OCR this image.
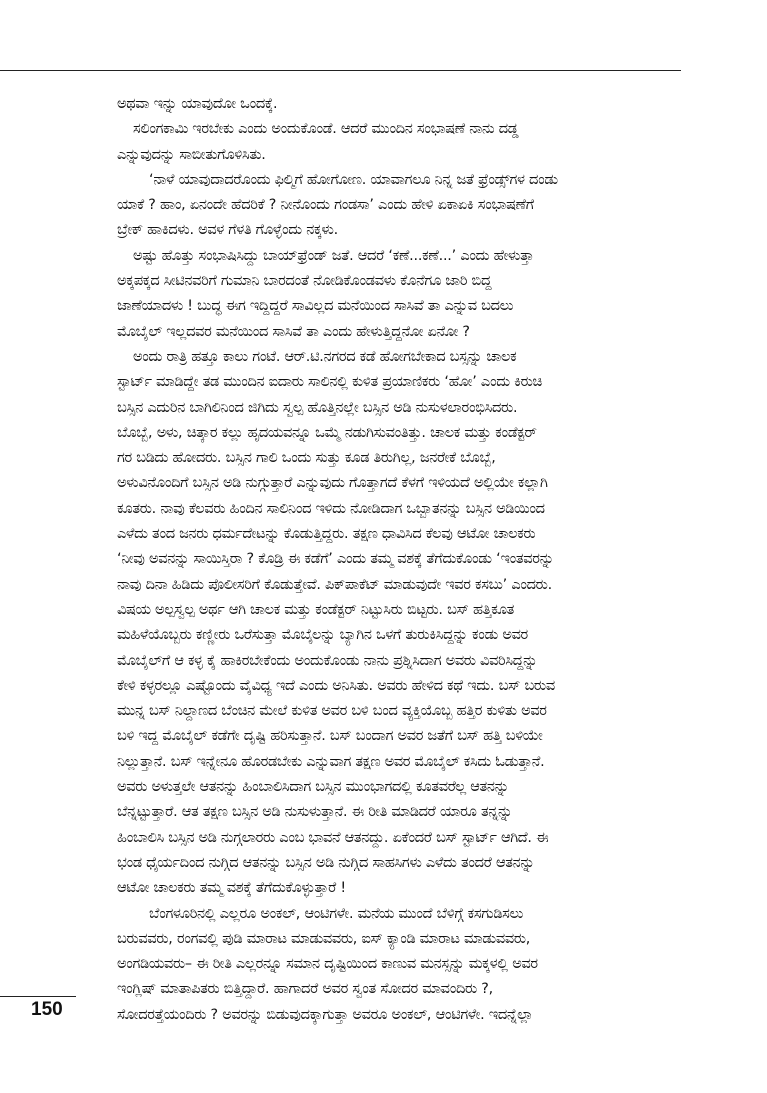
ಅಥವಾ ಇನ್ನು ಯಾವುದೋ ಒಂದಕ್ಕೆ.
ಸಲಿಂಗಕಾಮಿ ಇರಬೇಕು ಎಂದು ಅಂದುಕೊಂಡೆ. ಆದರೆ ಮುಂದಿನ ಸಂಭಾಷಣೆ ನಾನು ದಡ್ಡ
ಎನ್ನುವುದನ್ನು ಸಾಬೀತುಗೊಳಿಸಿತು.
‘ನಾಳೆ ಯಾವುದಾದರೊಂದು ಫಿಲ್ಮಿಗೆ ಹೋಗೋಣ. ಯಾವಾಗಲೂ ನಿನ್ನ ಜತೆ ಫ್ರೆಂಡ್ಸ್‌ಗಳ ದಂಡು
ಯಾಕೆ ? ಹಾಂ, ಏನಂದೇ ಹೆದರಿಕೆ ? ನೀನೊಂದು ಗಂಡಸಾ’ ಎಂದು ಹೇಳಿ ಏಕಾಏಕಿ ಸಂಭಾಷಣೆಗೆ
ಬ್ರೇಕ್ ಹಾಕಿದಳು. ಅವಳ ಗೆಳತಿ ಗೊಳ್ಳೆಂದು ನಕ್ಕಳು.
ಅಷ್ಟು ಹೊತ್ತು ಸಂಭಾಷಿಸಿದ್ದು ಬಾಯ್‌ಫ್ರೆಂಡ್ ಜತೆ. ಆದರೆ ‘ಕಣೆ...ಕಣೆ...’ ಎಂದು ಹೇಳುತ್ತಾ
ಅಕ್ಕಪಕ್ಕದ ಸೀಟಿನವರಿಗೆ ಗುಮಾನಿ ಬಾರದಂತೆ ನೋಡಿಕೊಂಡವಳು ಕೊನೆಗೂ ಜಾರಿ ಬಿದ್ದ
ಜಾಣೆಯಾದಳು ! ಬುದ್ಧ ಈಗ ಇದ್ದಿದ್ದರೆ ಸಾವಿಲ್ಲದ ಮನೆಯಿಂದ ಸಾಸಿವೆ ತಾ ಎನ್ನುವ ಬದಲು
ಮೊಬೈಲ್ ಇಲ್ಲದವರ ಮನೆಯಿಂದ ಸಾಸಿವೆ ತಾ ಎಂದು ಹೇಳುತ್ತಿದ್ದನೋ ಏನೋ ?
ಅಂದು ರಾತ್ರಿ ಹತ್ತೂ ಕಾಲು ಗಂಟೆ. ಆರ್.ಟಿ.ನಗರದ ಕಡೆ ಹೋಗಬೇಕಾದ ಬಸ್ಸನ್ನು ಚಾಲಕ
ಸ್ಟಾರ್ಟ್ ಮಾಡಿದ್ದೇ ತಡ ಮುಂದಿನ ಐದಾರು ಸಾಲಿನಲ್ಲಿ ಕುಳಿತ ಪ್ರಯಾಣಿಕರು ‘ಹೋ’ ಎಂದು ಕಿರುಚಿ
ಬಸ್ಸಿನ ಎದುರಿನ ಬಾಗಿಲಿನಿಂದ ಜಿಗಿದು ಸ್ವಲ್ಪ ಹೊತ್ತಿನಲ್ಲೇ ಬಸ್ಸಿನ ಅಡಿ ನುಸುಳಲಾರಂಭಿಸಿದರು.
ಬೊಬ್ಬೆ, ಅಳು, ಚಿತ್ಕಾರ ಕಲ್ಲು ಹೃದಯವನ್ನೂ ಒಮ್ಮೆ ನಡುಗಿಸುವಂತಿತ್ತು. ಚಾಲಕ ಮತ್ತು ಕಂಡೆಕ್ಟರ್
ಗರ ಬಡಿದು ಹೋದರು. ಬಸ್ಸಿನ ಗಾಲಿ ಒಂದು ಸುತ್ತು ಕೂಡ ತಿರುಗಿಲ್ಲ, ಜನರೇಕೆ ಬೊಬ್ಬೆ,
ಅಳುವಿನೊಂದಿಗೆ ಬಸ್ಸಿನ ಅಡಿ ನುಗ್ಗುತ್ತಾರೆ ಎನ್ನುವುದು ಗೊತ್ತಾಗದೆ ಕೆಳಗೆ ಇಳಿಯದೆ ಅಲ್ಲಿಯೇ ಕಲ್ಲಾಗಿ
ಕೂತರು. ನಾವು ಕೆಲವರು ಹಿಂದಿನ ಸಾಲಿನಿಂದ ಇಳಿದು ನೋಡಿದಾಗ ಒಬ್ಬಾತನನ್ನು ಬಸ್ಸಿನ ಅಡಿಯಿಂದ
ಎಳೆದು ತಂದ ಜನರು ಧರ್ಮದೇಟನ್ನು ಕೊಡುತ್ತಿದ್ದರು. ತಕ್ಷಣ ಧಾವಿಸಿದ ಕೆಲವು ಆಟೋ ಚಾಲಕರು
‘ನೀವು ಅವನನ್ನು ಸಾಯಿಸ್ತಿರಾ ? ಕೊಡ್ರಿ ಈ ಕಡೆಗೆ’ ಎಂದು ತಮ್ಮ ವಶಕ್ಕೆ ತೆಗೆದುಕೊಂಡು ‘ಇಂತವರನ್ನು
ನಾವು ದಿನಾ ಹಿಡಿದು ಪೊಲೀಸರಿಗೆ ಕೊಡುತ್ತೇವೆ. ಪಿಕ್‌ಪಾಕೆಟ್ ಮಾಡುವುದೇ ಇವರ ಕಸಬು’ ಎಂದರು.
ವಿಷಯ ಅಲ್ಪಸ್ವಲ್ಪ ಅರ್ಥ ಆಗಿ ಚಾಲಕ ಮತ್ತು ಕಂಡೆಕ್ಟರ್ ನಿಟ್ಟುಸಿರು ಬಿಟ್ಟರು. ಬಸ್ ಹತ್ತಿಕೂತ
ಮಹಿಳೆಯೊಬ್ಬರು ಕಣ್ಣೀರು ಒರೆಸುತ್ತಾ ಮೊಬೈಲನ್ನು ಬ್ಯಾಗಿನ ಒಳಗೆ ತುರುಕಿಸಿದ್ದನ್ನು ಕಂಡು ಅವರ
ಮೊಬೈಲ್‌ಗೆ ಆ ಕಳ್ಳ ಕೈ ಹಾಕಿರಬೇಕೆಂದು ಅಂದುಕೊಂಡು ನಾನು ಪ್ರಶ್ನಿಸಿದಾಗ ಅವರು ವಿವರಿಸಿದ್ದನ್ನು
ಕೇಳಿ ಕಳ್ಳರಲ್ಲೂ ಎಷ್ಟೊಂದು ವೈವಿಧ್ಯ ಇದೆ ಎಂದು ಅನಿಸಿತು. ಅವರು ಹೇಳಿದ ಕಥೆ ಇದು. ಬಸ್ ಬರುವ
ಮುನ್ನ ಬಸ್ ನಿಲ್ದಾಣದ ಬೆಂಚಿನ ಮೇಲೆ ಕುಳಿತ ಅವರ ಬಳಿ ಬಂದ ವ್ಯಕ್ತಿಯೊಬ್ಬ ಹತ್ತಿರ ಕುಳಿತು ಅವರ
ಬಳಿ ಇದ್ದ ಮೊಬೈಲ್ ಕಡೆಗೇ ದೃಷ್ಟಿ ಹರಿಸುತ್ತಾನೆ. ಬಸ್ ಬಂದಾಗ ಅವರ ಜತೆಗೆ ಬಸ್ ಹತ್ತಿ ಬಳಿಯೇ
ನಿಲ್ಲುತ್ತಾನೆ. ಬಸ್ ಇನ್ನೇನೂ ಹೊರಡಬೇಕು ಎನ್ನುವಾಗ ತಕ್ಷಣ ಅವರ ಮೊಬೈಲ್ ಕಸಿದು ಓಡುತ್ತಾನೆ.
ಅವರು ಅಳುತ್ತಲೇ ಆತನನ್ನು ಹಿಂಬಾಲಿಸಿದಾಗ ಬಸ್ಸಿನ ಮುಂಭಾಗದಲ್ಲಿ ಕೂತವರೆಲ್ಲ ಆತನನ್ನು
ಬೆನ್ನಟ್ಟುತ್ತಾರೆ. ಆತ ತಕ್ಷಣ ಬಸ್ಸಿನ ಅಡಿ ನುಸುಳುತ್ತಾನೆ. ಈ ರೀತಿ ಮಾಡಿದರೆ ಯಾರೂ ತನ್ನನ್ನು
ಹಿಂಬಾಲಿಸಿ ಬಸ್ಸಿನ ಅಡಿ ನುಗ್ಗಲಾರರು ಎಂಬ ಭಾವನೆ ಆತನದ್ದು. ಏಕೆಂದರೆ ಬಸ್ ಸ್ಟಾರ್ಟ್ ಆಗಿದೆ. ಈ
ಭಂಡ ಧೈರ್ಯದಿಂದ ನುಗ್ಗಿದ ಆತನನ್ನು ಬಸ್ಸಿನ ಅಡಿ ನುಗ್ಗಿದ ಸಾಹಸಿಗಳು ಎಳೆದು ತಂದರೆ ಆತನನ್ನು
ಆಟೋ ಚಾಲಕರು ತಮ್ಮ ವಶಕ್ಕೆ ತೆಗೆದುಕೊಳ್ಳುತ್ತಾರೆ !
ಬೆಂಗಳೂರಿನಲ್ಲಿ ಎಲ್ಲರೂ ಅಂಕಲ್, ಆಂಟಿಗಳೇ. ಮನೆಯ ಮುಂದೆ ಬೆಳಿಗ್ಗೆ ಕಸಗುಡಿಸಲು
ಬರುವವರು, ರಂಗವಲ್ಲಿ ಪುಡಿ ಮಾರಾಟ ಮಾಡುವವರು, ಐಸ್ ಕ್ಯಾಂಡಿ ಮಾರಾಟ ಮಾಡುವವರು,
ಅಂಗಡಿಯವರು– ಈ ರೀತಿ ಎಲ್ಲರನ್ನೂ ಸಮಾನ ದೃಷ್ಟಿಯಿಂದ ಕಾಣುವ ಮನಸ್ಸನ್ನು ಮಕ್ಕಳಲ್ಲಿ ಅವರ
ಇಂಗ್ಲಿಷ್ ಮಾತಾಪಿತರು ಬಿತ್ತಿದ್ದಾರೆ. ಹಾಗಾದರೆ ಅವರ ಸ್ವಂತ ಸೋದರ ಮಾವಂದಿರು ?,
ಸೋದರತ್ತೆಯಂದಿರು ? ಅವರನ್ನು ಬಿಡುವುದಕ್ಕಾಗುತ್ತಾ ಅವರೂ ಅಂಕಲ್, ಆಂಟಿಗಳೇ. ಇದನ್ನೆಲ್ಲಾ
150
